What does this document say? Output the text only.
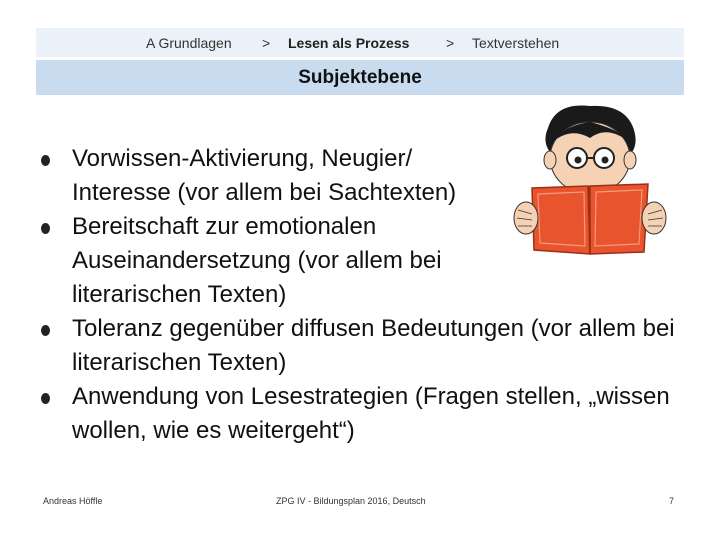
A Grundlagen > Lesen als Prozess	> Textverstehen
Subjektebene
Vorwissen-Aktivierung, Neugier/ Interesse (vor allem bei Sachtexten)
Bereitschaft zur emotionalen Auseinandersetzung (vor allem bei literarischen Texten)
Toleranz gegenüber diffusen Bedeutungen (vor allem bei literarischen Texten)
Anwendung von Lesestrategien (Fragen stellen, „wissen wollen, wie es weitergeht“)
Andreas Höffle	ZPG IV - Bildungsplan 2016, Deutsch	7
